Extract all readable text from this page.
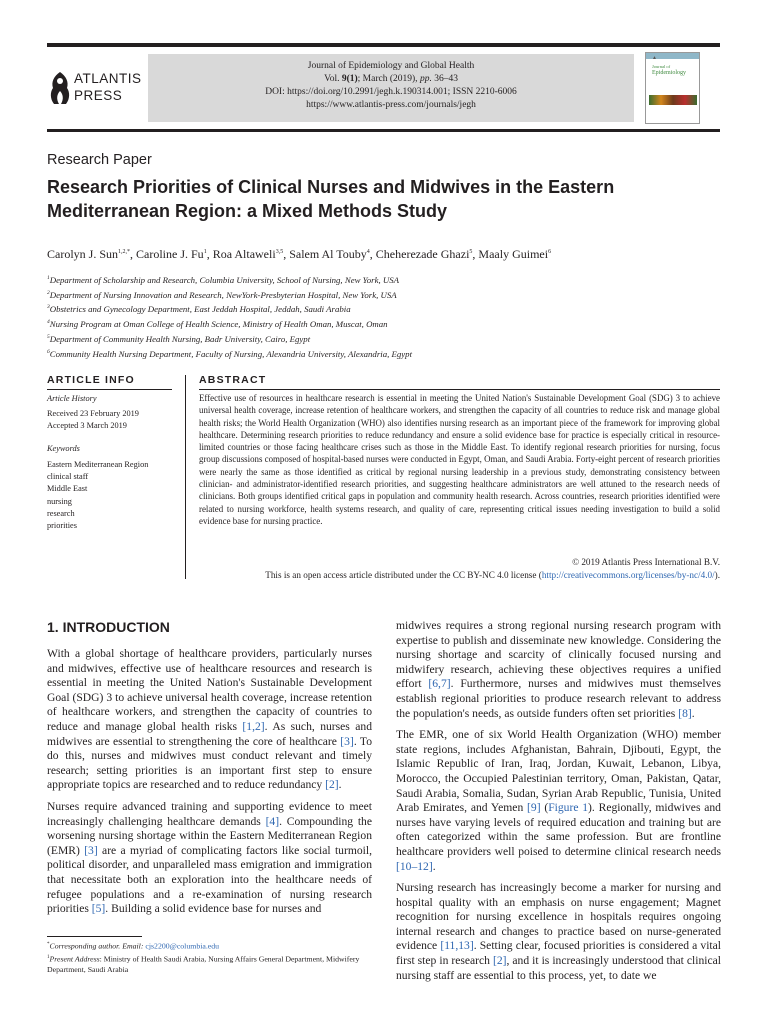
ATLANTIS
PRESS
Journal of Epidemiology and Global Health
Vol. 9(1); March (2019), pp. 36–43
DOI: https://doi.org/10.2991/jegh.k.190314.001; ISSN 2210-6006
https://www.atlantis-press.com/journals/jegh
▲
Journal of
Epidemiology
Research Paper
Research Priorities of Clinical Nurses and Midwives in the Eastern Mediterranean Region: a Mixed Methods Study
Carolyn J. Sun$^{1,2,*}$, Caroline J. Fu$^1$, Roa Altaweli$^{3,5}$, Salem Al Touby$^4$, Cheherezade Ghazi$^5$, Maaly Guimei$^6$
$^1$Department of Scholarship and Research, Columbia University, School of Nursing, New York, USA
$^2$Department of Nursing Innovation and Research, NewYork-Presbyterian Hospital, New York, USA
$^3$Obstetrics and Gynecology Department, East Jeddah Hospital, Jeddah, Saudi Arabia
$^4$Nursing Program at Oman College of Health Science, Ministry of Health Oman, Muscat, Oman
$^5$Department of Community Health Nursing, Badr University, Cairo, Egypt
$^6$Community Health Nursing Department, Faculty of Nursing, Alexandria University, Alexandria, Egypt
ARTICLE INFO
Article History
Received 23 February 2019
Accepted 3 March 2019
Keywords
Eastern Mediterranean Region
clinical staff
Middle East
nursing
research
priorities
ABSTRACT
Effective use of resources in healthcare research is essential in meeting the United Nation's Sustainable Development Goal (SDG) 3 to achieve universal health coverage, increase retention of healthcare workers, and strengthen the capacity of all countries to reduce risk and manage global health risks; the World Health Organization (WHO) also identifies nursing research as an important piece of the framework for improving global healthcare. Determining research priorities to reduce redundancy and ensure a solid evidence base for practice is especially critical in resource-limited countries or those facing healthcare crises such as those in the Middle East. To identify regional research priorities for nursing, focus group discussions composed of hospital-based nurses were conducted in Egypt, Oman, and Saudi Arabia. Forty-eight percent of research priorities were nearly the same as those identified as critical by regional nursing leadership in a previous study, demonstrating consistency between clinician- and administrator-identified research priorities, and suggesting healthcare administrators are well attuned to the research needs of clinicians. Both groups identified critical gaps in population and community health research. Across countries, research priorities identified were related to nursing workforce, health systems research, and quality of care, representing critical issues needing investigation to build a solid evidence base for nursing practice.
© 2019 Atlantis Press International B.V.
This is an open access article distributed under the CC BY-NC 4.0 license (http://creativecommons.org/licenses/by-nc/4.0/).
1. INTRODUCTION

With a global shortage of healthcare providers, particularly nurses and midwives, effective use of healthcare resources and research is essential in meeting the United Nation's Sustainable Development Goal (SDG) 3 to achieve universal health coverage, increase retention of healthcare workers, and strengthen the capacity of countries to reduce and manage global health risks [1,2]. As such, nurses and midwives are essential to strengthening the core of healthcare [3]. To do this, nurses and midwives must conduct relevant and timely research; setting priorities is an important first step to ensure appropriate topics are researched and to reduce redundancy [2].

Nurses require advanced training and supporting evidence to meet increasingly challenging healthcare demands [4]. Compounding the worsening nursing shortage within the Eastern Mediterranean Region (EMR) [3] are a myriad of complicating factors like social turmoil, political disorder, and unparalleled mass emigration and immigration that necessitate both an exploration into the healthcare needs of refugee populations and a re-examination of nursing research priorities [5]. Building a solid evidence base for nurses and

midwives requires a strong regional nursing research program with expertise to publish and disseminate new knowledge. Considering the nursing shortage and scarcity of clinically focused nursing and midwifery research, achieving these objectives requires a unified effort [6,7]. Furthermore, nurses and midwives must themselves establish regional priorities to produce research relevant to address the population's needs, as outside funders often set priorities [8].

The EMR, one of six World Health Organization (WHO) member state regions, includes Afghanistan, Bahrain, Djibouti, Egypt, the Islamic Republic of Iran, Iraq, Jordan, Kuwait, Lebanon, Libya, Morocco, the Occupied Palestinian territory, Oman, Pakistan, Qatar, Saudi Arabia, Somalia, Sudan, Syrian Arab Republic, Tunisia, United Arab Emirates, and Yemen [9] (Figure 1). Regionally, midwives and nurses have varying levels of required education and training but are often categorized within the same profession. But are frontline healthcare providers well poised to determine clinical research needs [10–12].

Nursing research has increasingly become a marker for nursing and hospital quality with an emphasis on nurse engagement; Magnet recognition for nursing excellence in hospitals requires ongoing internal research and changes to practice based on nurse-generated evidence [11,13]. Setting clear, focused priorities is considered a vital first step in research [2], and it is increasingly understood that clinical nursing staff are essential to this process, yet, to date we

*Corresponding author. Email: cjs2200@columbia.edu
$^1$Present Address: Ministry of Health Saudi Arabia, Nursing Affairs General Department, Midwifery Department, Saudi Arabia
